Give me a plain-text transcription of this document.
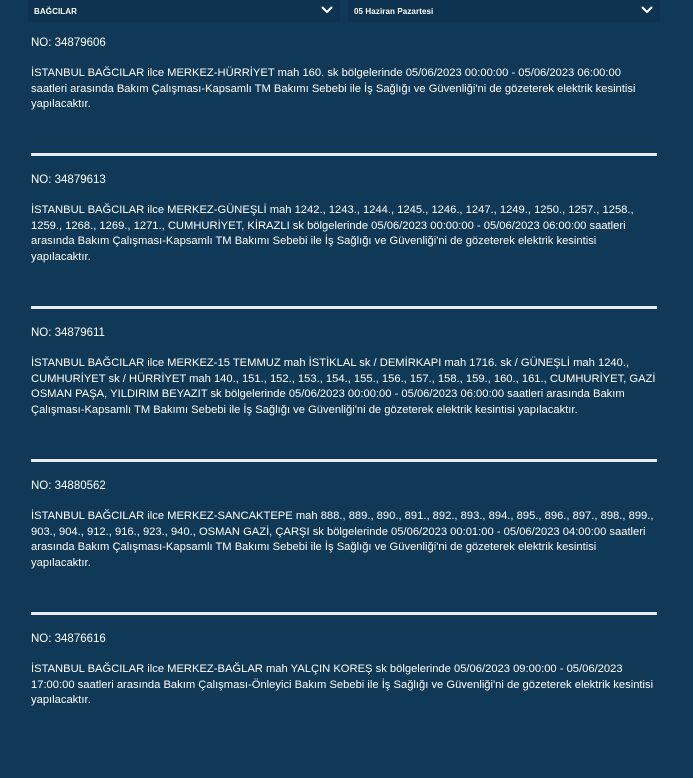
BAĞCILAR	05 Haziran Pazartesi

NO: 34879606

İSTANBUL BAĞCILAR ilce MERKEZ-HÜRRİYET mah 160. sk bölgelerinde 05/06/2023 00:00:00 - 05/06/2023 06:00:00 saatleri arasında Bakım Çalışması-Kapsamlı TM Bakımı Sebebi ile İş Sağlığı ve Güvenliği'ni de gözeterek elektrik kesintisi yapılacaktır.

NO: 34879613

İSTANBUL BAĞCILAR ilce MERKEZ-GÜNEŞLİ mah 1242., 1243., 1244., 1245., 1246., 1247., 1249., 1250., 1257., 1258., 1259., 1268., 1269., 1271., CUMHURİYET, KİRAZLI sk bölgelerinde 05/06/2023 00:00:00 - 05/06/2023 06:00:00 saatleri arasında Bakım Çalışması-Kapsamlı TM Bakımı Sebebi ile İş Sağlığı ve Güvenliği'ni de gözeterek elektrik kesintisi yapılacaktır.

NO: 34879611

İSTANBUL BAĞCILAR ilce MERKEZ-15 TEMMUZ mah İSTİKLAL sk / DEMİRKAPI mah 1716. sk / GÜNEŞLİ mah 1240., CUMHURİYET sk / HÜRRİYET mah 140., 151., 152., 153., 154., 155., 156., 157., 158., 159., 160., 161., CUMHURİYET, GAZİ OSMAN PAŞA, YILDIRIM BEYAZIT sk bölgelerinde 05/06/2023 00:00:00 - 05/06/2023 06:00:00 saatleri arasında Bakım Çalışması-Kapsamlı TM Bakımı Sebebi ile İş Sağlığı ve Güvenliği'ni de gözeterek elektrik kesintisi yapılacaktır.

NO: 34880562

İSTANBUL BAĞCILAR ilce MERKEZ-SANCAKTEPE mah 888., 889., 890., 891., 892., 893., 894., 895., 896., 897., 898., 899., 903., 904., 912., 916., 923., 940., OSMAN GAZİ, ÇARŞI sk bölgelerinde 05/06/2023 00:01:00 - 05/06/2023 04:00:00 saatleri arasında Bakım Çalışması-Kapsamlı TM Bakımı Sebebi ile İş Sağlığı ve Güvenliği'ni de gözeterek elektrik kesintisi yapılacaktır.

NO: 34876616

İSTANBUL BAĞCILAR ilce MERKEZ-BAĞLAR mah YALÇIN KOREŞ sk bölgelerinde 05/06/2023 09:00:00 - 05/06/2023 17:00:00 saatleri arasında Bakım Çalışması-Önleyici Bakım Sebebi ile İş Sağlığı ve Güvenliği'ni de gözeterek elektrik kesintisi yapılacaktır.
